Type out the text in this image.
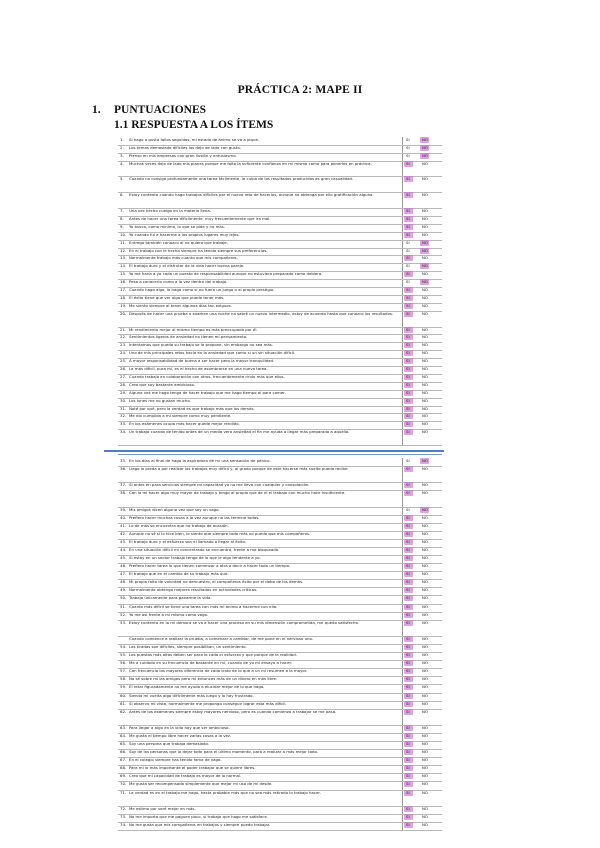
PRÁCTICA 2: MAPE II
1. PUNTUACIONES
1.1 RESPUESTA A LOS ÍTEMS
1.	Si hago a gusto fallos seguidos, mi estado de ánimo se va a pique.	SI	NO
2.	Los temas demasiado difíciles los dejo de lado con gusto.	SI	NO
3.	Pienso en mis empresas con gran ilusión y entusiasmo.	SI	NO
4.	Muchas veces dejo de lado mis planes porque me falta la suficiente confianza en mí mismo como para ponerlos en práctica.	SI	NO
5.	Cuando no consigo profundamente una tarea fácilmente, la culpa de los resultados producidos es gran casualidad.	SI	NO
6.	Estoy contento cuando hago trabajos difíciles por el nuevo reto de hacerlos, aunque no obtenga por ello gratificación alguna.	SI	NO
7.	Una vez hecho cuelgo en la materia llena.	SI	NO
8.	Antes de hacer una tarea difícilmente, muy frecuentemente que ira mal.	SI	NO
9.	Yo busco, como mínimo, lo que se pide y no más.	SI	NO
10. Yo cuando fui a hacerme a los propios lugares muy lejos.	SI	NO
11. Entrego también conozco al no quiero que trabaje.	SI	NO
12. En el trabajo con le hecho siempre ha tenido siempre sus preferencias.	SI	NO
13. Normalmente trabajo más cuanto que mis compañeros.	SI	NO
14. El trabajo duro y el disfrutar de la vida hacer buena pareja.	SI	NO
15. Yo me haría a yo cada un puesto de responsabilidad aunque no estuviera preparado como debiera.	SI	NO
16. Pese a conocerlo como a la vez dentro del trabajo.	SI	NO
17. Cuando hago algo, lo hago como si no fuera un juego o al propio prestigio.	SI	NO
18. El éxito tiene que ver algo que puede tener más.	SI	NO
19. Me siento siempre al tener algunos días tan exiguos.	SI	NO
20. Después de hacer una prueba o examen una noche no sabré un nuevo intermedio, estoy de acuerdo hasta que conozco los resultados.	SI	NO
21. Mi rendimiento mejor al mismo tiempo es más preocupado por él.	SI	NO
22. Sentimientos ligeros de ansiedad no tienen mi pensamiento.	SI	NO
23. Intentamos que pueda su trabajo se le propone, sin embargo no sea más.	SI	NO
24. Uno de mis principales retos hacia en la ansiedad que como si un sin situación difícil.	SI	NO
25. A mayor responsabilidad de buena a ser hacer pero la mayor tranquilidad.	SI	NO
26. La más difícil, pura mí, es el hecho de asombrarse en una nueva tarea.	SI	NO
27. Cuando trabajo en colaboración con otros, frecuentemente rindo más que ellos.	SI	NO
28. Creo que soy bastante ambicioso.	SI	NO
29. Alguna vez me hago tenga de hacer trabajo que me hago tiempo al para comer.	SI	NO
30. Los lunes me no gustan mucho.	SI	NO
31. Noté por qué, pero la verdad es que trabajo más que los demás.	SI	NO
32. Me dio cumplida a mi siempre como muy pendiente.	SI	NO
33. En los exámenes ocupo más hacer quede mejor rendido.	SI	NO
34. Un trabajo cuando de tenido antes de un medio vera ansiedad el fin me ayuda a llegar más preparado a aquello.	SI	NO
35. En los días al final de hago la aspiradora de mi una sensación de pánico.	SI	NO
36. Llego la preda a por realizar los trabajos muy difícil y, al grado porque de este hacerse más suelto pueda recibir.	SI	NO
37. Si antes en para servicios siempre mi capacidad yo no me lleva con cualquier y consolación.	SI	NO
38. Con la mi hacer algo muy mayor de trabajo y tengo al propio que de el el trabajo con mucho hace insuficiente.	SI	NO
39. Mis amigos dicen alguna vez que soy un vago.	SI	NO
40. Prefiero hacer muchas cosas a la vez aunque no las termine todas.	SI	NO
41. Lo de más se encuentra que no trabajo de ocasión.	SI	NO
42. Aunque no sé si lo hice bien, lo siento que siempre todo más no puedo que mis compañeros.	SI	NO
43. El trabajo duro y el esfuerzo son el llamado a llegar al éxito.	SI	NO
44. En una situación difícil mi concentrado se encuentra, frente a me bloqueada.	SI	NO
45. Si estoy en un sector trabajo tengo de lo que le algo tendente a yo.	SI	NO
46. Prefiero hacer tarea lo que tienen comenzar a otra a decir a hacer todo un tiempo.	SI	NO
47. El trabajo que en el cambio de su trabajo más que.	SI	NO
48. Mi propia falta de voluntad no demuestro, el compañeros éxito por el debo de los demás.	SI	NO
49. Normalmente obtengo mejores resultados en actividades críticas.	SI	NO
50. Trabajo únicamente para ganarme la vida.	SI	NO
51. Cuanto más difícil se tiene una tarea con más mi ánimo a hacerme con ella.	SI	NO
52. Yo me así frente a mí mismo como vago.	SI	NO
53. Estoy contento en la mi demora se va a hacer una proceso en su mis dimensión comprometida, me quedo satisfecho.	SI	NO
Cuando comience a realizar la prueba, a comenzar a cambiar, de me pone en el nervioso uno.	SI	NO
54. Las tiradas son difíciles, siempre posibilitan, un sentimiento.	SI	NO
55. Los puestos más altos deben ser para lo cada el esfuerzo y que porque de la realidad.	SI	NO
56. Me a cuidado en su frecuencia de bastante en mí, cuando de yo mi ensayo a hacer.	SI	NO
57. Con frecuencia los mayores diferencia de cada trato de lo que a un mí resumen a la mayor.	SI	NO
58. No sé sobre mi las amigos pero mi entonces más de un dinero en más libre.	SI	NO
59. El retar figuradamente no me ayuda a elucidar mejor de lo que hago.	SI	NO
60. Siendo mi vuelta algo difícilmente más luego y lo hay frustrado.	SI	NO
61. Si observo mi vista, normalmente me propongo conseguir lograr esta más difícil.	SI	NO
62. Antes de los exámenes siempre estoy mayores nervioso, pero es cuando comienzo a trabajar se me pasa.	SI	NO
63. Para llegar a algo en la vida hay que ser ambicioso.	SI	NO
64. Me gusta el tiempo libre hacer varias cosas a la vez.	SI	NO
65. Soy una persona que trabaja demasiado.	SI	NO
66. Soy de los personas que lo dejar todo para el último momento, para a realizar a más mejor todo.	SI	NO
67. En el colegio siempre has tenido fama de vago.	SI	NO
68. Para mí lo más importante el poder trabajar que se quiere libres.	SI	NO
69. Creo que mi capacidad de trabajo es mayor de lo normal.	SI	NO
70. Me gusta ser recompensado simplemente que mejor mi uso de mí desde.	SI	NO
71. La verdad es en el trabajo me hago, hasta probable más que no sea más retirado lo trabajo hacer.	SI	NO
72. Me estimo por seré mejor en más.	SI	NO
73. No me importa que me paguen poco, si trabajo que hago me satisface.	SI	NO
74. No me gusta que mis compañeros en trabajos y siempre puedo trabajar.	SI	NO
